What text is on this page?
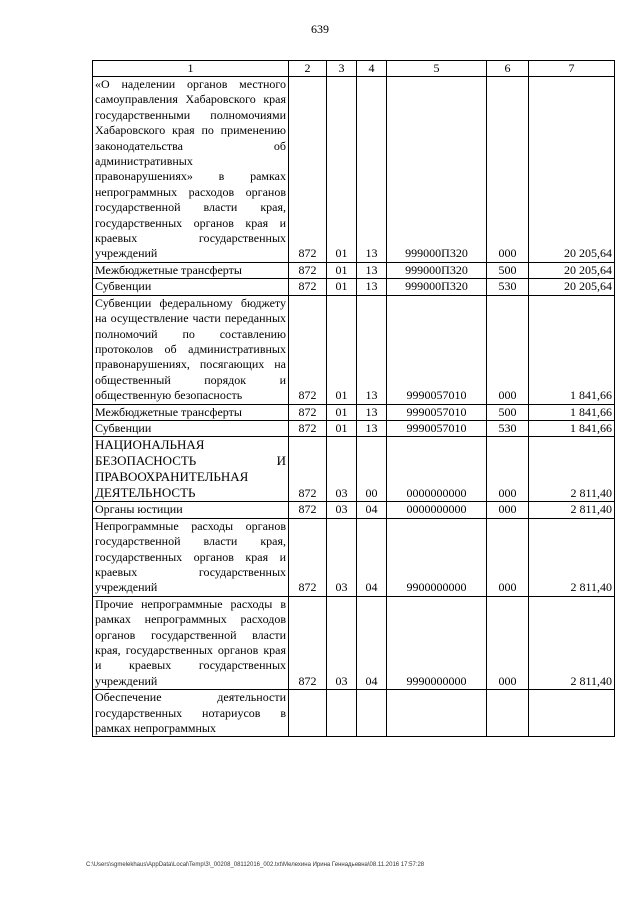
639
1	2	3	4	5	6	7
«О наделении органов местного самоуправления Хабаровского края государственными полномочиями Хабаровского края по применению законодательства об административных правонарушениях» в рамках непрограммных расходов органов государственной власти края, государственных органов края и краевых государственных учреждений	872	01	13	999000П320	000	20 205,64
Межбюджетные трансферты	872	01	13	999000П320	500	20 205,64
Субвенции	872	01	13	999000П320	530	20 205,64
Субвенции федеральному бюджету на осуществление части переданных полномочий по составлению протоколов об административных правонарушениях, посягающих на общественный порядок и общественную безопасность	872	01	13	9990057010	000	1 841,66
Межбюджетные трансферты	872	01	13	9990057010	500	1 841,66
Субвенции	872	01	13	9990057010	530	1 841,66
НАЦИОНАЛЬНАЯ БЕЗОПАСНОСТЬ И ПРАВООХРАНИТЕЛЬНАЯ ДЕЯТЕЛЬНОСТЬ	872	03	00	0000000000	000	2 811,40
Органы юстиции	872	03	04	0000000000	000	2 811,40
Непрограммные расходы органов государственной власти края, государственных органов края и краевых государственных учреждений	872	03	04	9900000000	000	2 811,40
Прочие непрограммные расходы в рамках непрограммных расходов органов государственной власти края, государственных органов края и краевых государственных учреждений	872	03	04	9990000000	000	2 811,40
Обеспечение деятельности государственных нотариусов в рамках непрограммных						
C:\Users\sgmelekhaus\AppData\Local\Temp\3\_00208_08112016_002.txt\Мелехина Ирина Геннадьевна\08.11.2016 17:57:28
